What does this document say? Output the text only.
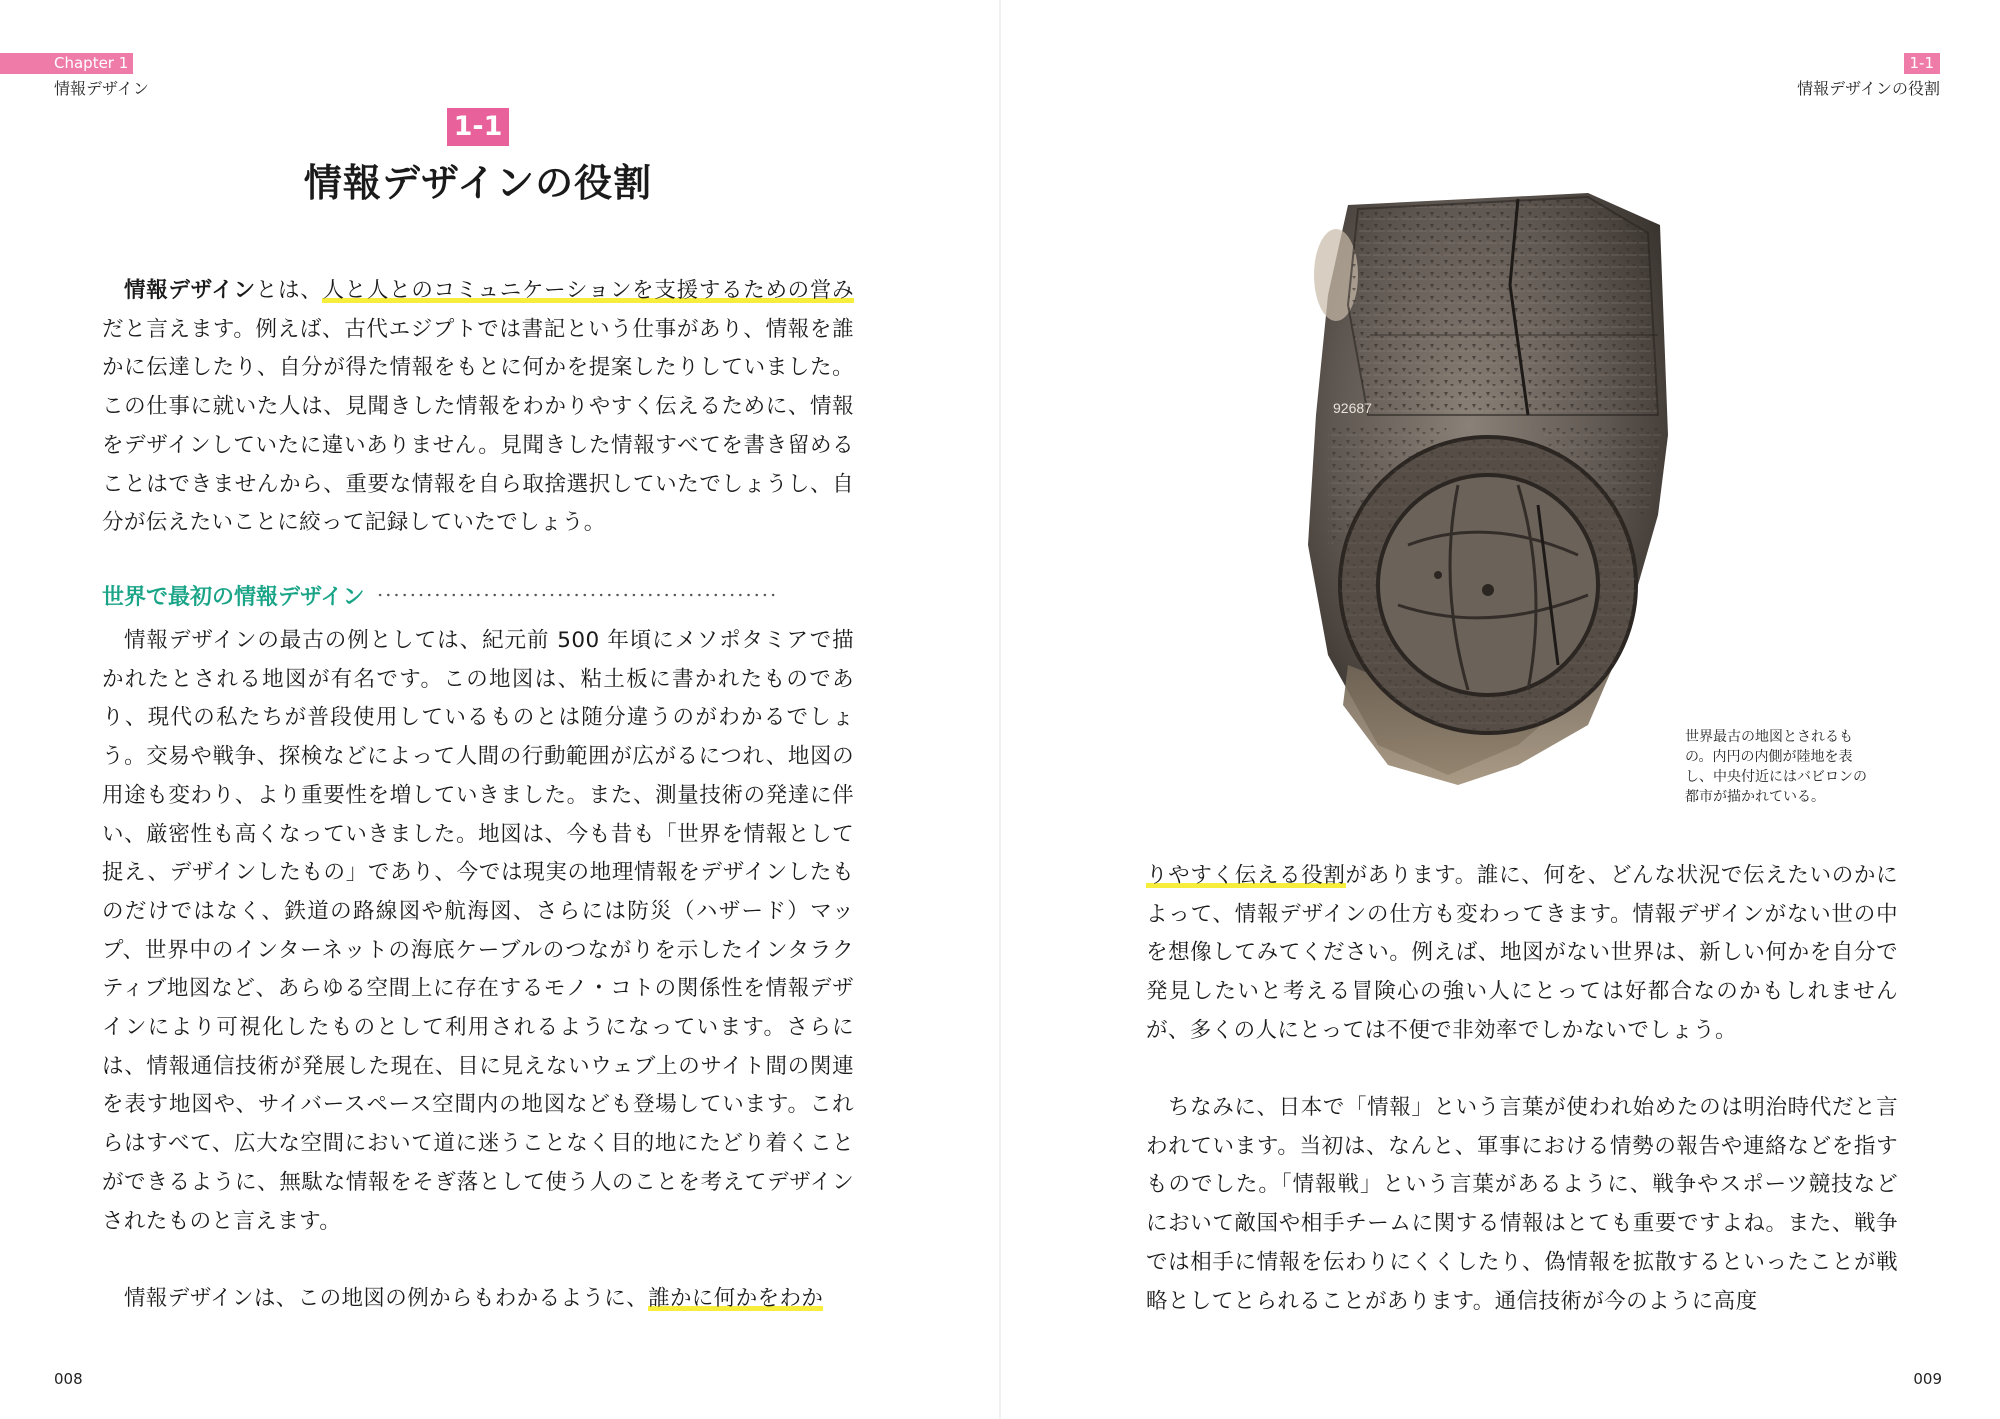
Chapter 1
情報デザイン
1-1
情報デザインの役割

情報デザインとは、人と人とのコミュニケーションを支援するための営みだと言えます。例えば、古代エジプトでは書記という仕事があり、情報を誰かに伝達したり、自分が得た情報をもとに何かを提案したりしていました。この仕事に就いた人は、見聞きした情報をわかりやすく伝えるために、情報をデザインしていたに違いありません。見聞きした情報すべてを書き留めることはできませんから、重要な情報を自ら取捨選択していたでしょうし、自分が伝えたいことに絞って記録していたでしょう。

世界で最初の情報デザイン

情報デザインの最古の例としては、紀元前 500 年頃にメソポタミアで描かれたとされる地図が有名です。この地図は、粘土板に書かれたものであり、現代の私たちが普段使用しているものとは随分違うのがわかるでしょう。交易や戦争、探検などによって人間の行動範囲が広がるにつれ、地図の用途も変わり、より重要性を増していきました。また、測量技術の発達に伴い、厳密性も高くなっていきました。地図は、今も昔も「世界を情報として捉え、デザインしたもの」であり、今では現実の地理情報をデザインしたものだけではなく、鉄道の路線図や航海図、さらには防災（ハザード）マップ、世界中のインターネットの海底ケーブルのつながりを示したインタラクティブ地図など、あらゆる空間上に存在するモノ・コトの関係性を情報デザインにより可視化したものとして利用されるようになっています。さらには、情報通信技術が発展した現在、目に見えないウェブ上のサイト間の関連を表す地図や、サイバースペース空間内の地図なども登場しています。これらはすべて、広大な空間において道に迷うことなく目的地にたどり着くことができるように、無駄な情報をそぎ落として使う人のことを考えてデザインされたものと言えます。

情報デザインは、この地図の例からもわかるように、誰かに何かをわか

008
1-1
情報デザインの役割
92687

世界最古の地図とされるもの。内円の内側が陸地を表し、中央付近にはバビロンの都市が描かれている。

りやすく伝える役割があります。誰に、何を、どんな状況で伝えたいのかによって、情報デザインの仕方も変わってきます。情報デザインがない世の中を想像してみてください。例えば、地図がない世界は、新しい何かを自分で発見したいと考える冒険心の強い人にとっては好都合なのかもしれませんが、多くの人にとっては不便で非効率でしかないでしょう。

ちなみに、日本で「情報」という言葉が使われ始めたのは明治時代だと言われています。当初は、なんと、軍事における情勢の報告や連絡などを指すものでした。「情報戦」という言葉があるように、戦争やスポーツ競技などにおいて敵国や相手チームに関する情報はとても重要ですよね。また、戦争では相手に情報を伝わりにくくしたり、偽情報を拡散するといったことが戦略としてとられることがあります。通信技術が今のように高度

009
